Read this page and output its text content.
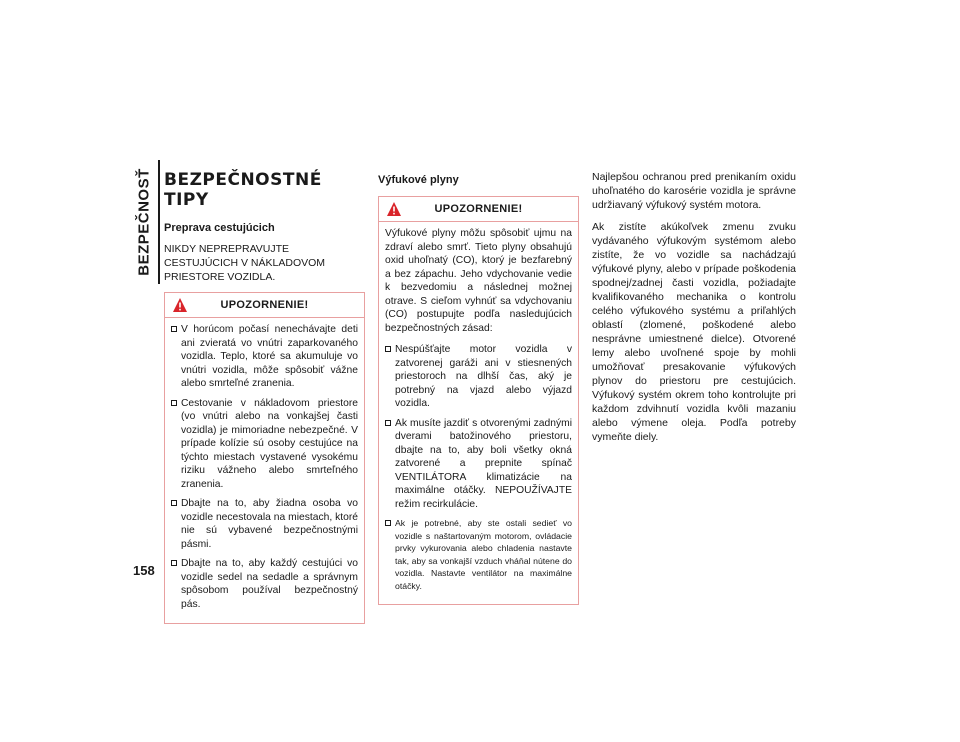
BEZPEČNOSŤ
158
BEZPEČNOSTNÉ TIPY
Preprava cestujúcich

NIKDY NEPREPRAVUJTE CESTUJÚCICH V NÁKLADOVOM PRIESTORE VOZIDLA.

UPOZORNENIE!
V horúcom počasí nenechávajte deti ani zvieratá vo vnútri zaparkovaného vozidla. Teplo, ktoré sa akumuluje vo vnútri vozidla, môže spôsobiť vážne alebo smrteľné zranenia.
Cestovanie v nákladovom priestore (vo vnútri alebo na vonkajšej časti vozidla) je mimoriadne nebezpečné. V prípade kolízie sú osoby cestujúce na týchto miestach vystavené vysokému riziku vážneho alebo smrteľného zranenia.
Dbajte na to, aby žiadna osoba vo vozidle necestovala na miestach, ktoré nie sú vybavené bezpečnostnými pásmi.
Dbajte na to, aby každý cestujúci vo vozidle sedel na sedadle a správnym spôsobom používal bezpečnostný pás.
Výfukové plyny
UPOZORNENIE!

Výfukové plyny môžu spôsobiť ujmu na zdraví alebo smrť. Tieto plyny obsahujú oxid uhoľnatý (CO), ktorý je bezfarebný a bez zápachu. Jeho vdychovanie vedie k bezvedomiu a následnej možnej otrave. S cieľom vyhnúť sa vdychovaniu (CO) postupujte podľa nasledujúcich bezpečnostných zásad:

Nespúšťajte motor vozidla v zatvorenej garáži ani v stiesnených priestoroch na dlhší čas, aký je potrebný na vjazd alebo výjazd vozidla.
Ak musíte jazdiť s otvorenými zadnými dverami batožinového priestoru, dbajte na to, aby boli všetky okná zatvorené a prepnite spínač VENTILÁTORA klimatizácie na maximálne otáčky. NEPOUŽÍVAJTE režim recirkulácie.
Ak je potrebné, aby ste ostali sedieť vo vozidle s naštartovaným motorom, ovládacie prvky vykurovania alebo chladenia nastavte tak, aby sa vonkajší vzduch vháňal nútene do vozidla. Nastavte ventilátor na maximálne otáčky.

Najlepšou ochranou pred prenikaním oxidu uhoľnatého do karosérie vozidla je správne udržiavaný výfukový systém motora.

Ak zistíte akúkoľvek zmenu zvuku vydávaného výfukovým systémom alebo zistíte, že vo vozidle sa nachádzajú výfukové plyny, alebo v prípade poškodenia spodnej/zadnej časti vozidla, požiadajte kvalifikovaného mechanika o kontrolu celého výfukového systému a priľahlých oblastí (zlomené, poškodené alebo nesprávne umiestnené dielce). Otvorené lemy alebo uvoľnené spoje by mohli umožňovať presakovanie výfukových plynov do priestoru pre cestujúcich. Výfukový systém okrem toho kontrolujte pri každom zdvihnutí vozidla kvôli mazaniu alebo výmene oleja. Podľa potreby vymeňte diely.
